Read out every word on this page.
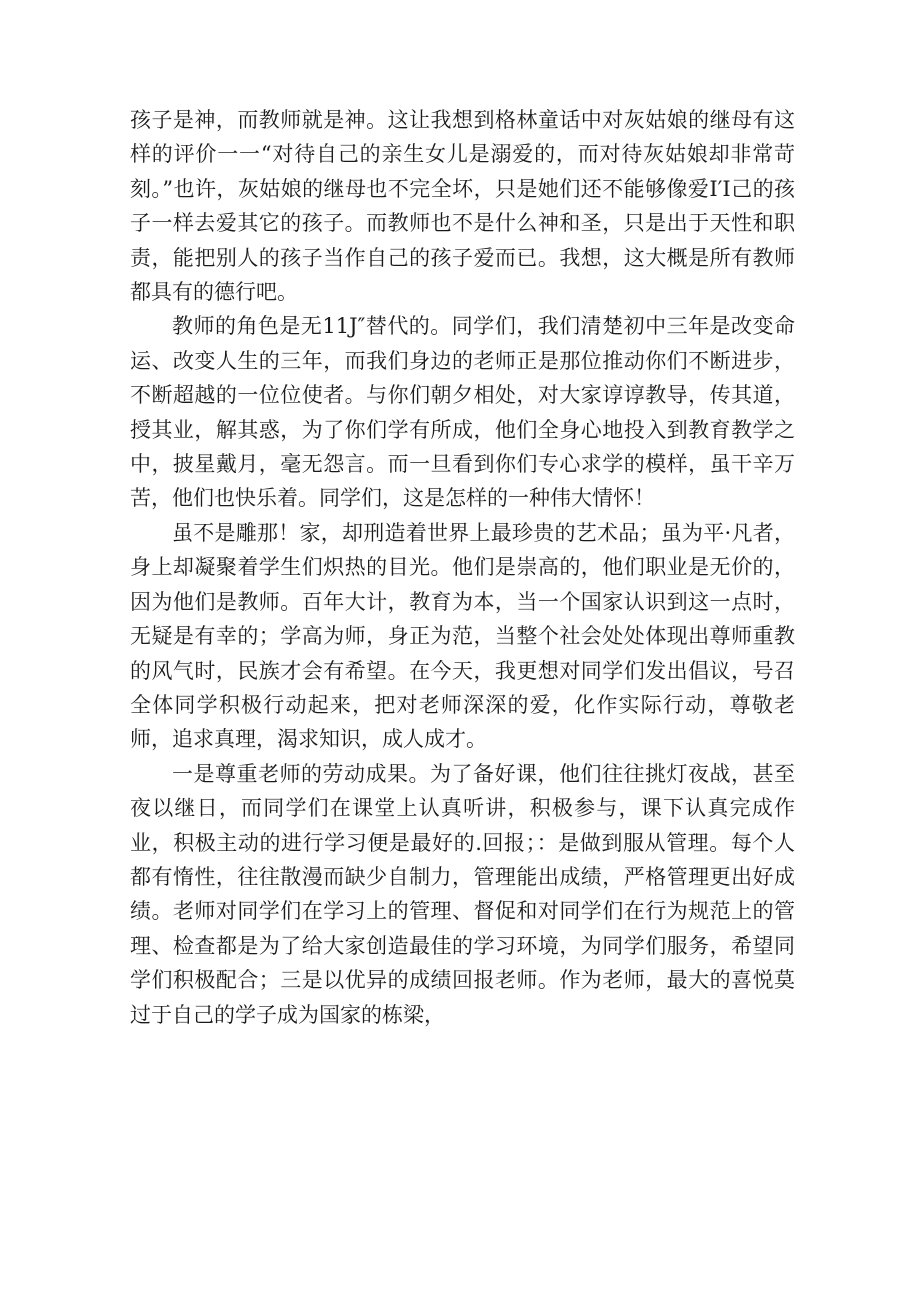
孩子是神，而教师就是神。这让我想到格林童话中对灰姑娘的继母有这样的评价一一“对待自己的亲生女儿是溺爱的，而对待灰姑娘却非常苛刻。”也许，灰姑娘的继母也不完全坏，只是她们还不能够像爱I′I己的孩子一样去爱其它的孩子。而教师也不是什么神和圣，只是出于天性和职责，能把别人的孩子当作自己的孩子爱而已。我想，这大概是所有教师都具有的德行吧。

教师的角色是无11J″替代的。同学们，我们清楚初中三年是改变命运、改变人生的三年，而我们身边的老师正是那位推动你们不断进步，不断超越的一位位使者。与你们朝夕相处，对大家谆谆教导，传其道，授其业，解其惑，为了你们学有所成，他们全身心地投入到教育教学之中，披星戴月，毫无怨言。而一旦看到你们专心求学的模样，虽干辛万苦，他们也快乐着。同学们，这是怎样的一种伟大情怀！

虽不是雕那！家，却刑造着世界上最珍贵的艺术品；虽为平·凡者，身上却凝聚着学生们炽热的目光。他们是崇高的，他们职业是无价的，因为他们是教师。百年大计，教育为本，当一个国家认识到这一点时，无疑是有幸的；学高为师，身正为范，当整个社会处处体现出尊师重教的风气时，民族才会有希望。在今天，我更想对同学们发出倡议，号召全体同学积极行动起来，把对老师深深的爱，化作实际行动，尊敬老师，追求真理，渴求知识，成人成才。

一是尊重老师的劳动成果。为了备好课，他们往往挑灯夜战，甚至夜以继日，而同学们在课堂上认真听讲，积极参与，课下认真完成作业，积极主动的进行学习便是最好的.回报；：是做到服从管理。每个人都有惰性，往往散漫而缺少自制力，管理能出成绩，严格管理更出好成绩。老师对同学们在学习上的管理、督促和对同学们在行为规范上的管理、检查都是为了给大家创造最佳的学习环境，为同学们服务，希望同学们积极配合；三是以优异的成绩回报老师。作为老师，最大的喜悦莫过于自己的学子成为国家的栋梁，
